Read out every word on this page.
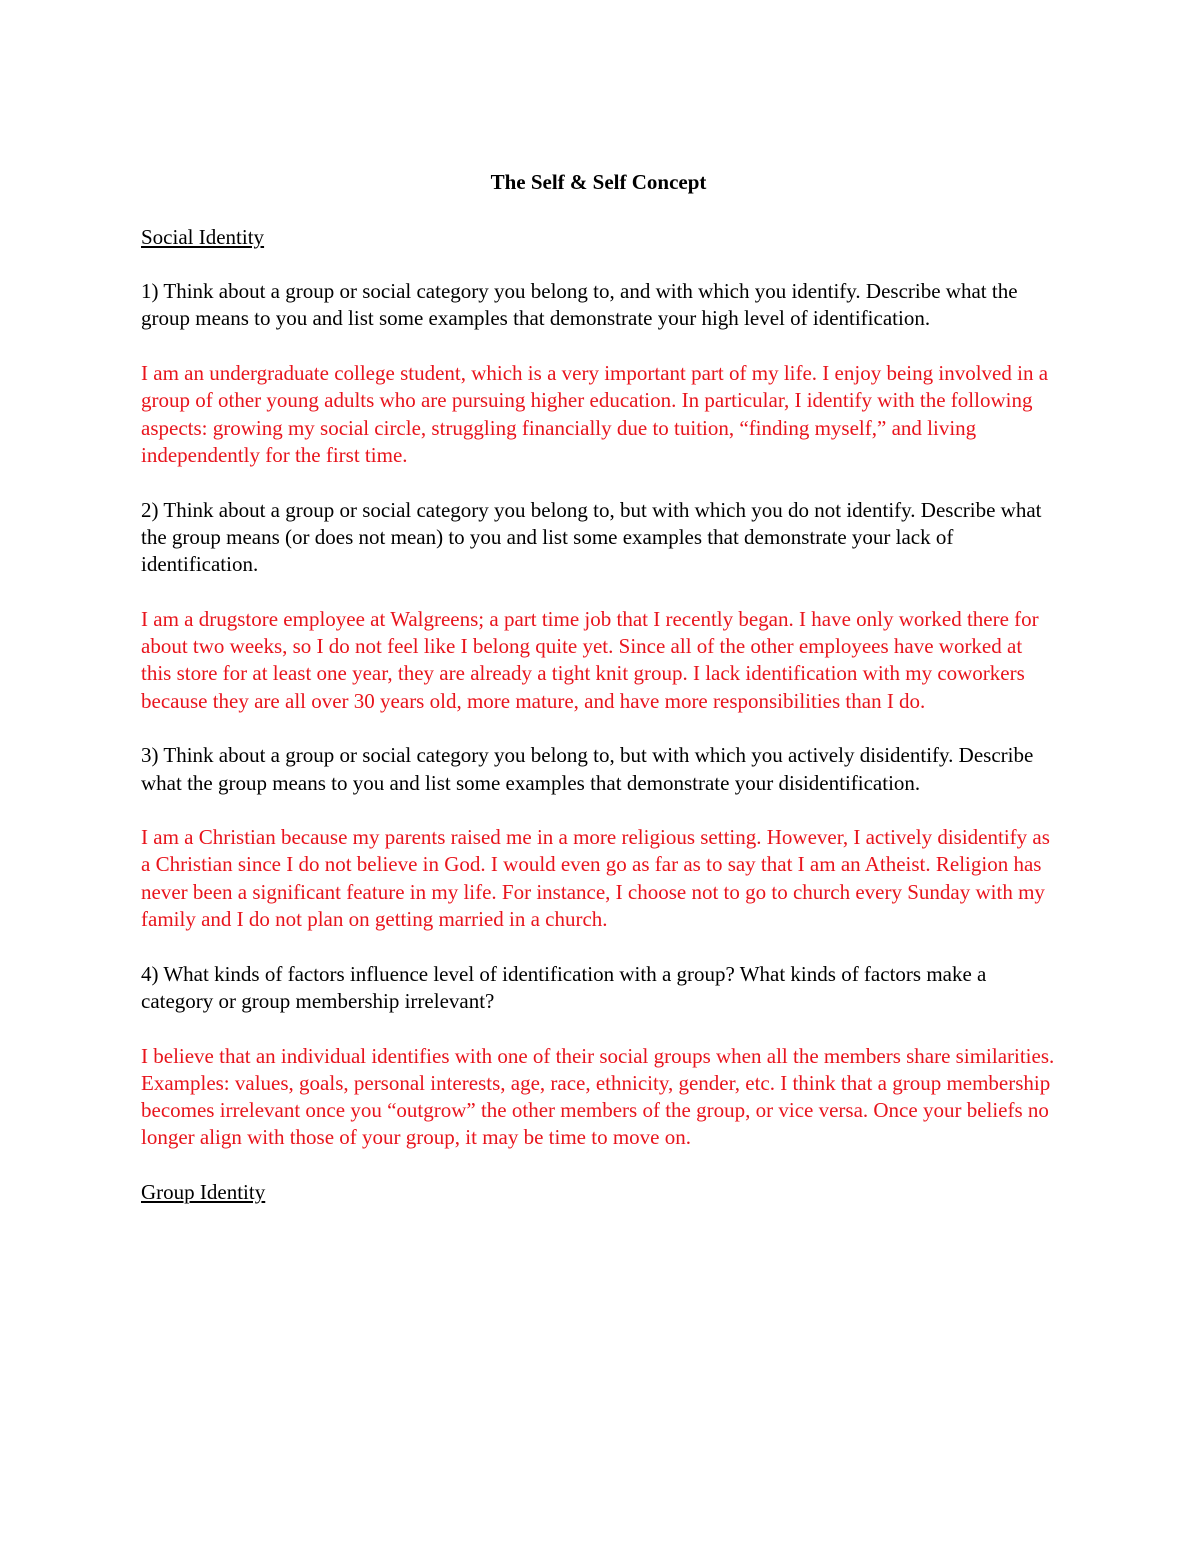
The Self & Self Concept
Social Identity

1) Think about a group or social category you belong to, and with which you identify. Describe what the group means to you and list some examples that demonstrate your high level of identification.

I am an undergraduate college student, which is a very important part of my life. I enjoy being involved in a group of other young adults who are pursuing higher education. In particular, I identify with the following aspects: growing my social circle, struggling financially due to tuition, “finding myself,” and living independently for the first time.

2) Think about a group or social category you belong to, but with which you do not identify. Describe what the group means (or does not mean) to you and list some examples that demonstrate your lack of identification.

I am a drugstore employee at Walgreens; a part time job that I recently began. I have only worked there for about two weeks, so I do not feel like I belong quite yet. Since all of the other employees have worked at this store for at least one year, they are already a tight knit group. I lack identification with my coworkers because they are all over 30 years old, more mature, and have more responsibilities than I do.

3) Think about a group or social category you belong to, but with which you actively disidentify. Describe what the group means to you and list some examples that demonstrate your disidentification.

I am a Christian because my parents raised me in a more religious setting. However, I actively disidentify as a Christian since I do not believe in God. I would even go as far as to say that I am an Atheist. Religion has never been a significant feature in my life. For instance, I choose not to go to church every Sunday with my family and I do not plan on getting married in a church.

4) What kinds of factors influence level of identification with a group? What kinds of factors make a category or group membership irrelevant?

I believe that an individual identifies with one of their social groups when all the members share similarities. Examples: values, goals, personal interests, age, race, ethnicity, gender, etc. I think that a group membership becomes irrelevant once you “outgrow” the other members of the group, or vice versa. Once your beliefs no longer align with those of your group, it may be time to move on.

Group Identity
